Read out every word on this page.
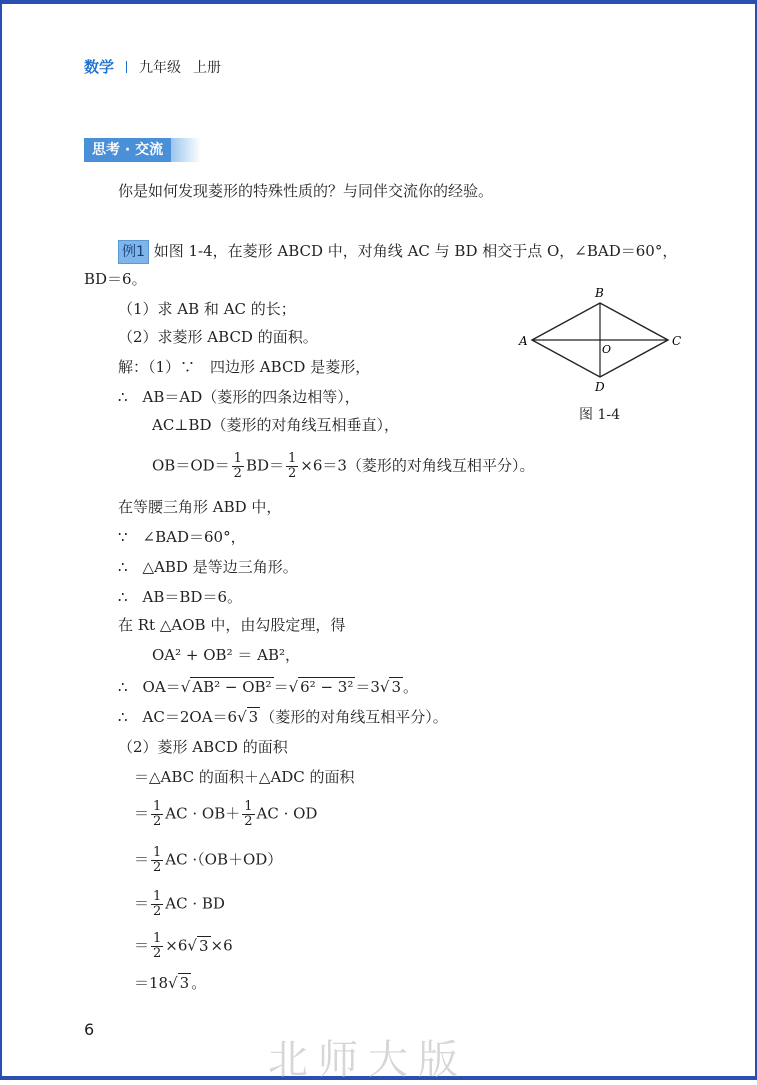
数学 九年级 上册
思考 · 交流
你是如何发现菱形的特殊性质的？与同伴交流你的经验。
例1 如图 1-4，在菱形 ABCD 中，对角线 AC 与 BD 相交于点 O，∠BAD＝60°，
BD＝6。
（1）求 AB 和 AC 的长；
（2）求菱形 ABCD 的面积。
B
A	C
D
O
图 1-4
解：（1）∵　四边形 ABCD 是菱形，
∴　AB＝AD（菱形的四条边相等），
AC⊥BD（菱形的对角线互相垂直），
$OB=OD= \frac{1}{2} BD= \frac{1}{2} \times 6=3$（菱形的对角线互相平分）。
在等腰三角形 ABD 中，
∵　∠BAD＝60°，
∴　△ABD 是等边三角形。
∴　AB＝BD＝6。
在 Rt △AOB 中，由勾股定理，得
OA² + OB² ＝ AB²，
∴　OA＝√ AB² − OB² ＝√ 6² − 3² ＝3√ 3 。
∴　AC＝2OA＝6√ 3 （菱形的对角线互相平分）。
（2）菱形 ABCD 的面积
＝△ABC 的面积＋△ADC 的面积
＝ $\frac{1}{2}$ AC · $OB+ \frac{1}{2}$ AC · OD
＝ $\frac{1}{2}$ AC ·（OB＋OD）
＝ $\frac{1}{2}$ AC · BD
＝ $\frac{1}{2} \times 6√$ 3 ×6
＝18√ 3 。
6
北师大版
